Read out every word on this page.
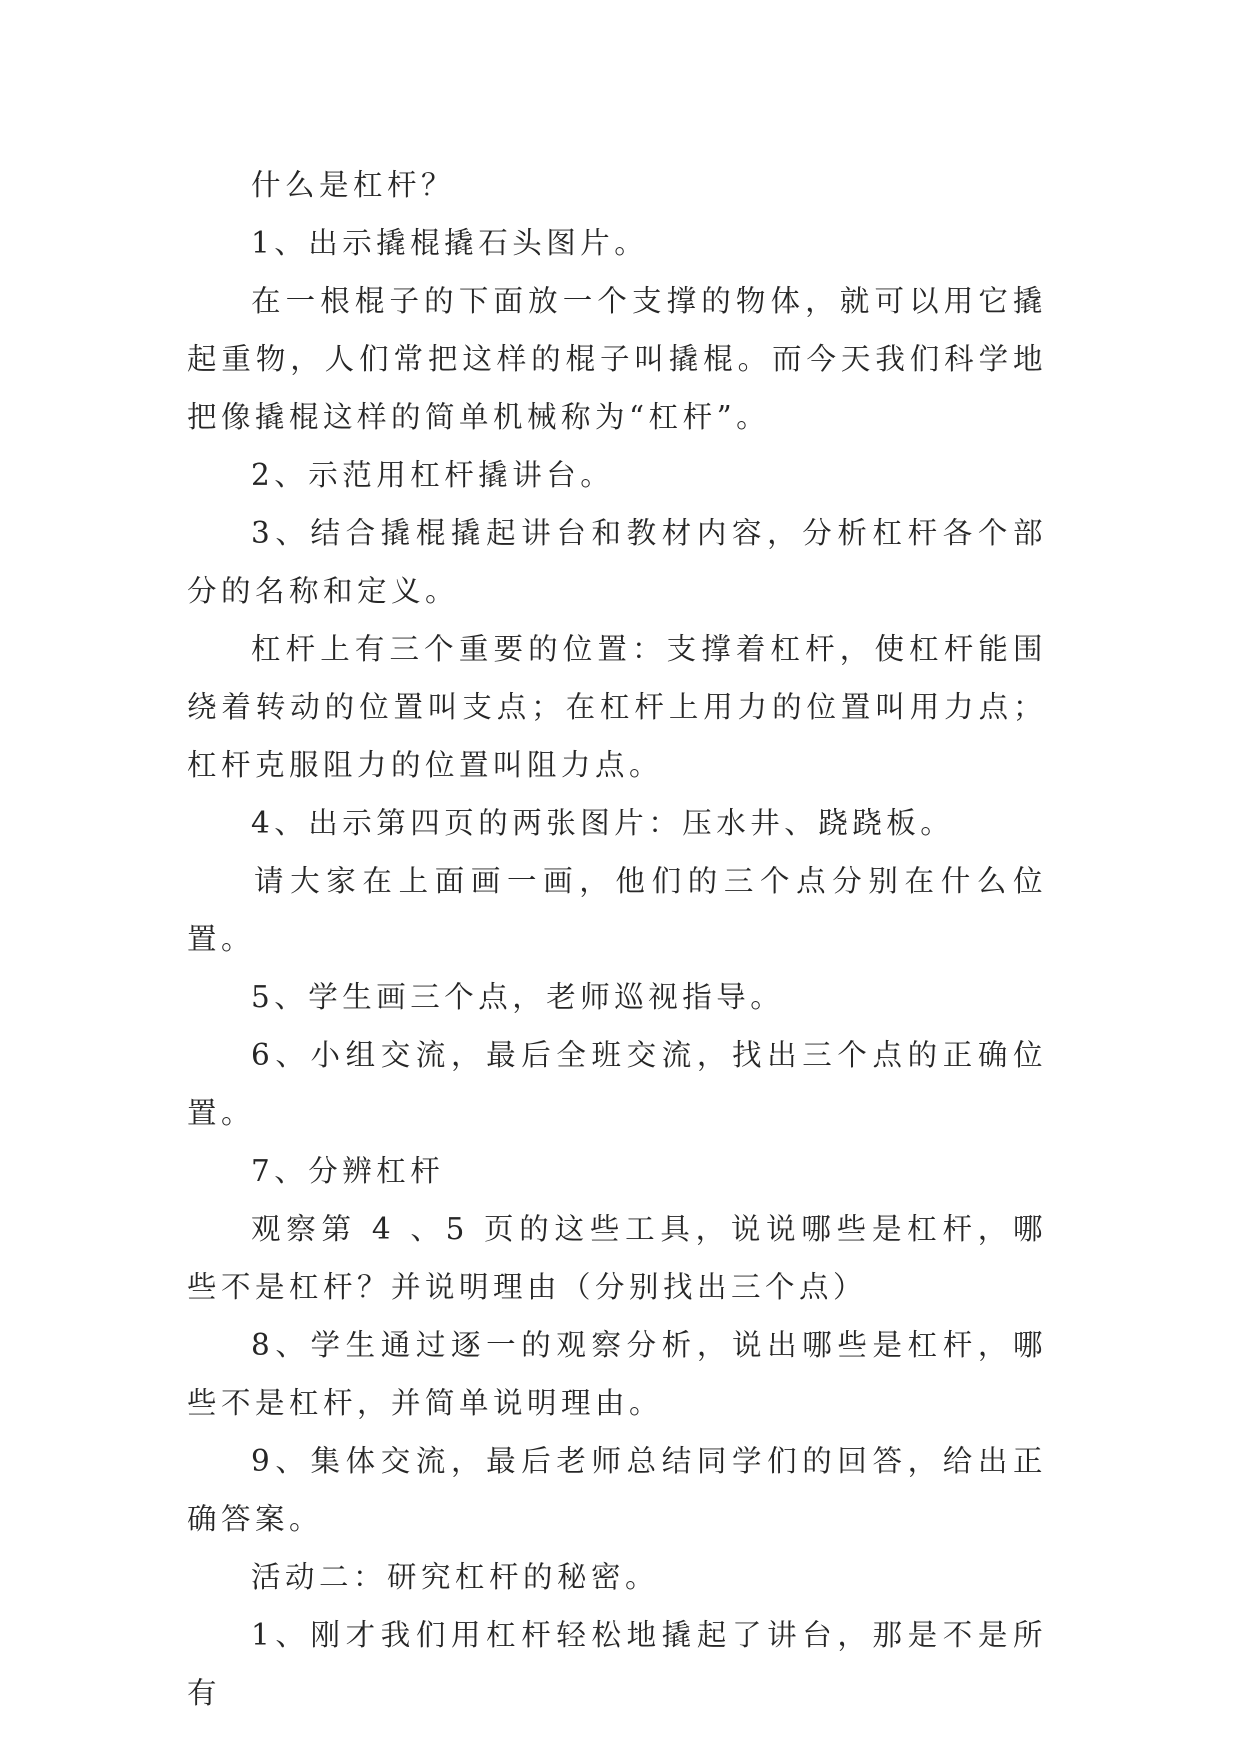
什么是杠杆？

1、出示撬棍撬石头图片。

在一根棍子的下面放一个支撑的物体，就可以用它撬起重物，人们常把这样的棍子叫撬棍。而今天我们科学地把像撬棍这样的简单机械称为“杠杆”。

2、示范用杠杆撬讲台。

3、结合撬棍撬起讲台和教材内容，分析杠杆各个部分的名称和定义。

杠杆上有三个重要的位置：支撑着杠杆，使杠杆能围绕着转动的位置叫支点；在杠杆上用力的位置叫用力点；杠杆克服阻力的位置叫阻力点。

4、出示第四页的两张图片：压水井、跷跷板。

请大家在上面画一画，他们的三个点分别在什么位置。

5、学生画三个点，老师巡视指导。

6、小组交流，最后全班交流，找出三个点的正确位置。

7、分辨杠杆

观察第 4 、5 页的这些工具，说说哪些是杠杆，哪些不是杠杆？并说明理由（分别找出三个点）

8、学生通过逐一的观察分析，说出哪些是杠杆，哪些不是杠杆，并简单说明理由。

9、集体交流，最后老师总结同学们的回答，给出正确答案。

活动二：研究杠杆的秘密。

1、刚才我们用杠杆轻松地撬起了讲台，那是不是所有
